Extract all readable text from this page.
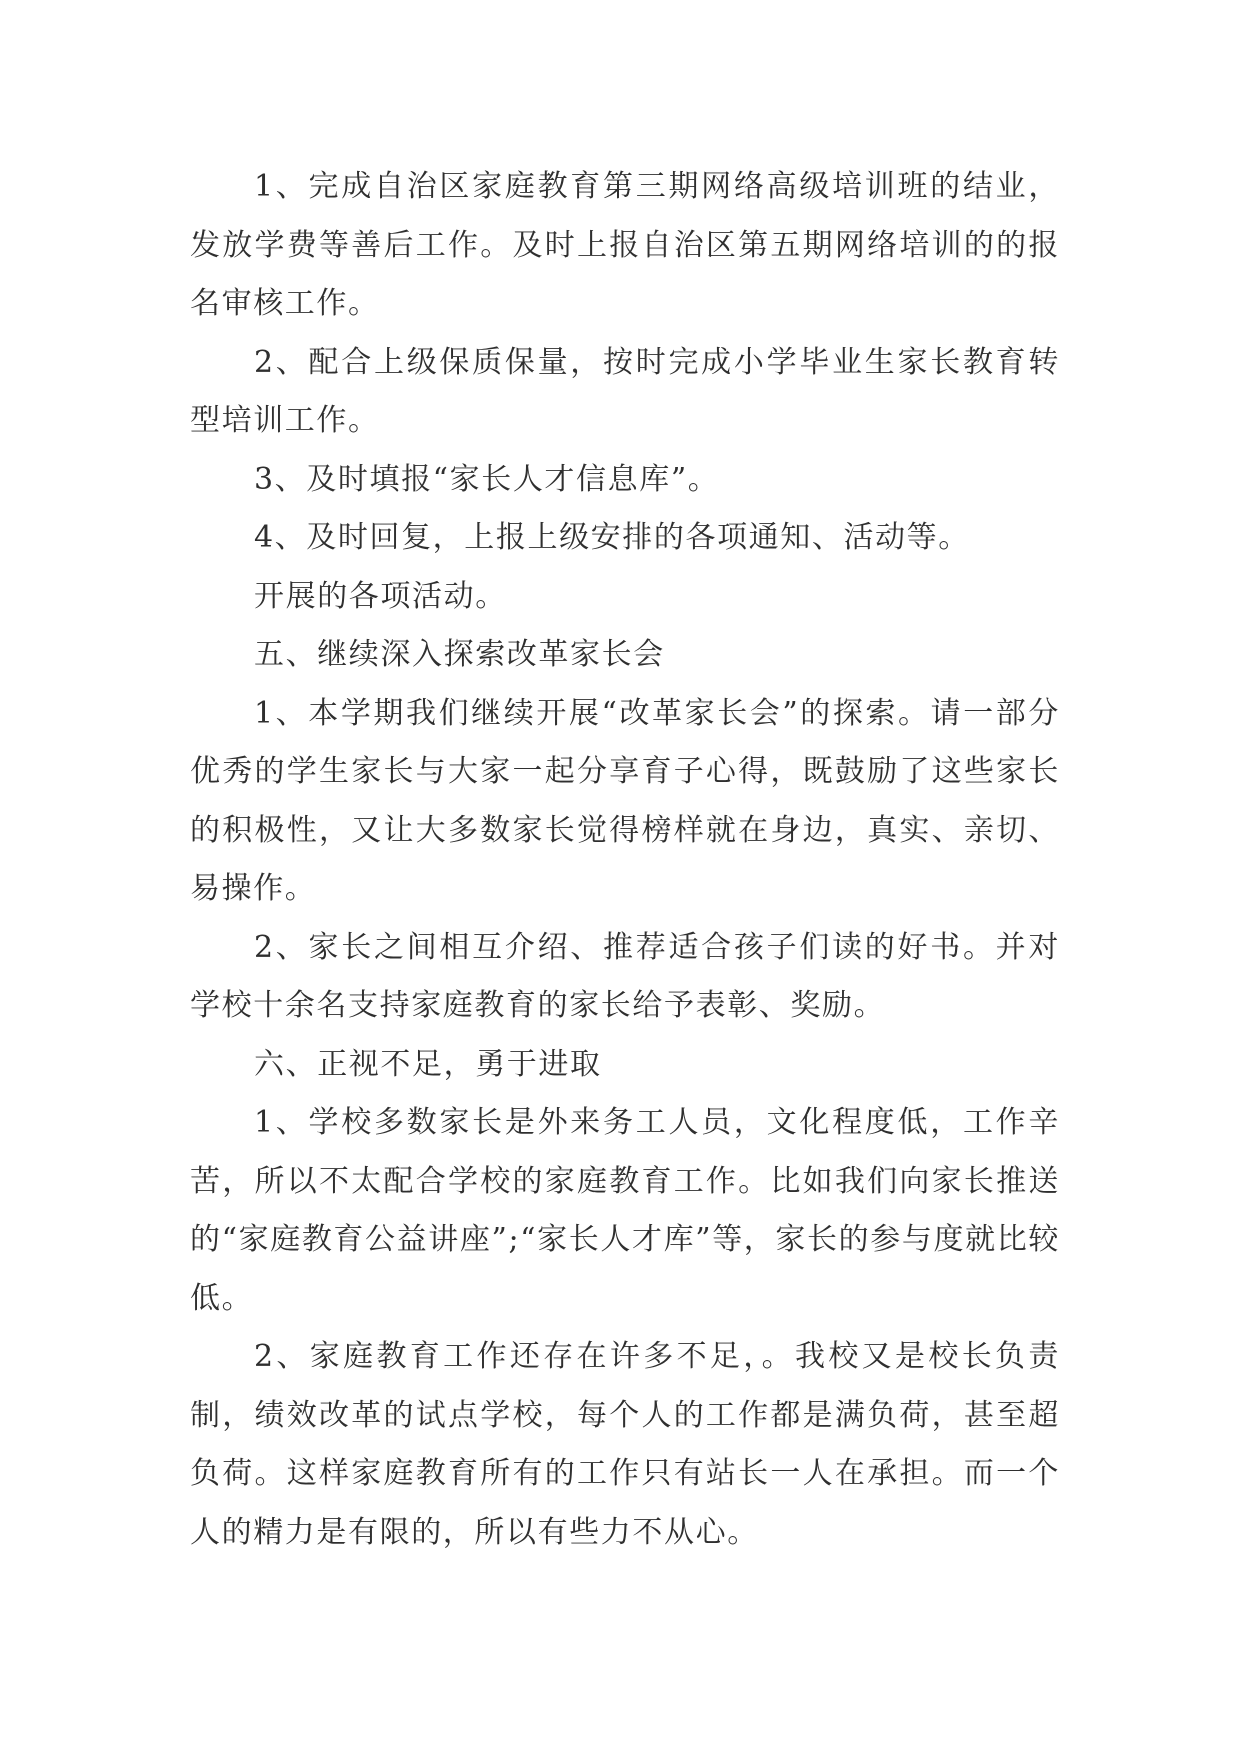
1、完成自治区家庭教育第三期网络高级培训班的结业，发放学费等善后工作。及时上报自治区第五期网络培训的的报名审核工作。

2、配合上级保质保量，按时完成小学毕业生家长教育转型培训工作。

3、及时填报“家长人才信息库”。

4、及时回复，上报上级安排的各项通知、活动等。

开展的各项活动。

五、继续深入探索改革家长会

1、本学期我们继续开展“改革家长会”的探索。请一部分优秀的学生家长与大家一起分享育子心得，既鼓励了这些家长的积极性，又让大多数家长觉得榜样就在身边，真实、亲切、易操作。

2、家长之间相互介绍、推荐适合孩子们读的好书。并对学校十余名支持家庭教育的家长给予表彰、奖励。

六、正视不足，勇于进取

1、学校多数家长是外来务工人员，文化程度低，工作辛苦，所以不太配合学校的家庭教育工作。比如我们向家长推送的“家庭教育公益讲座”;“家长人才库”等，家长的参与度就比较低。

2、家庭教育工作还存在许多不足，。我校又是校长负责制，绩效改革的试点学校，每个人的工作都是满负荷，甚至超负荷。这样家庭教育所有的工作只有站长一人在承担。而一个人的精力是有限的，所以有些力不从心。
